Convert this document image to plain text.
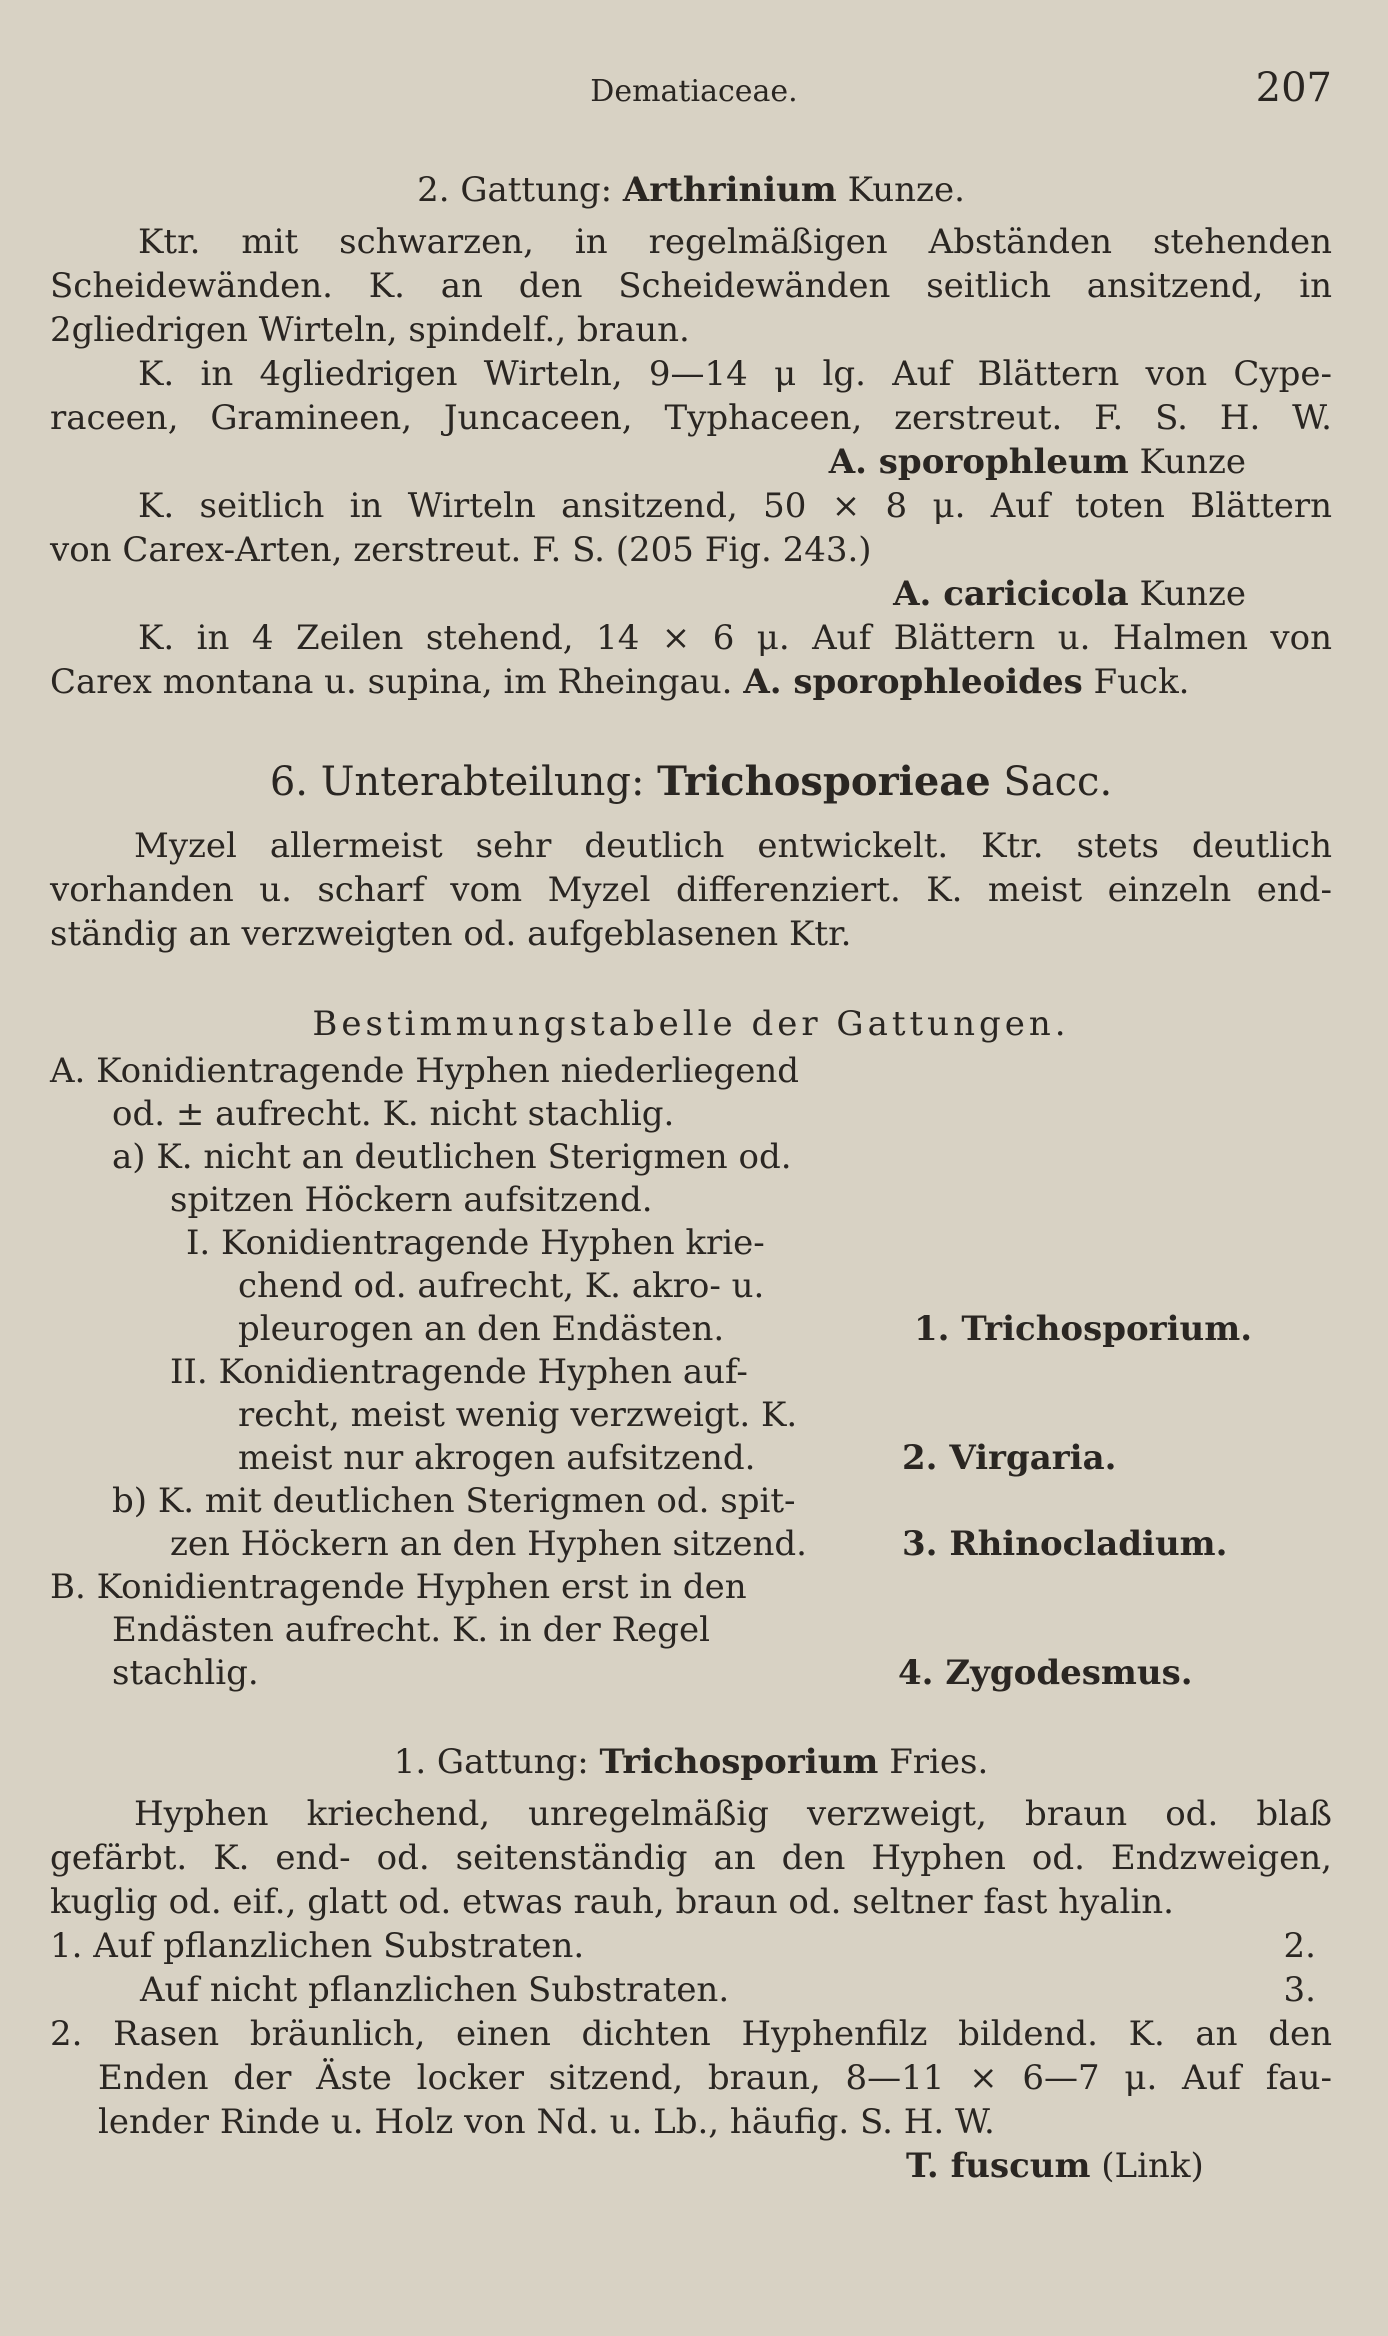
Dematiaceae.	207
2. Gattung: Arthrinium Kunze.
Ktr. mit schwarzen, in regelmäßigen Abständen stehenden
Scheidewänden. K. an den Scheidewänden seitlich ansitzend, in
2gliedrigen Wirteln, spindelf., braun.
K. in 4gliedrigen Wirteln, 9—14 μ lg. Auf Blättern von Cype-
raceen, Gramineen, Juncaceen, Typhaceen, zerstreut. F. S. H. W.
A. sporophleum Kunze
K. seitlich in Wirteln ansitzend, 50 × 8 μ. Auf toten Blättern
von Carex-Arten, zerstreut. F. S. (205 Fig. 243.)
A. caricicola Kunze
K. in 4 Zeilen stehend, 14 × 6 μ. Auf Blättern u. Halmen von
Carex montana u. supina, im Rheingau. A. sporophleoides Fuck.
6. Unterabteilung: Trichosporieae Sacc.
Myzel allermeist sehr deutlich entwickelt. Ktr. stets deutlich
vorhanden u. scharf vom Myzel differenziert. K. meist einzeln end-
ständig an verzweigten od. aufgeblasenen Ktr.
Bestimmungstabelle der Gattungen.
A. Konidientragende Hyphen niederliegend
od. ± aufrecht. K. nicht stachlig.
a) K. nicht an deutlichen Sterigmen od.
spitzen Höckern aufsitzend.
I. Konidientragende Hyphen krie-
chend od. aufrecht, K. akro- u.
pleurogen an den Endästen.	1. Trichosporium.
II. Konidientragende Hyphen auf-
recht, meist wenig verzweigt. K.
meist nur akrogen aufsitzend.	2. Virgaria.
b) K. mit deutlichen Sterigmen od. spit-
zen Höckern an den Hyphen sitzend.	3. Rhinocladium.
B. Konidientragende Hyphen erst in den
Endästen aufrecht. K. in der Regel
stachlig.	4. Zygodesmus.
1. Gattung: Trichosporium Fries.
Hyphen kriechend, unregelmäßig verzweigt, braun od. blaß
gefärbt. K. end- od. seitenständig an den Hyphen od. Endzweigen,
kuglig od. eif., glatt od. etwas rauh, braun od. seltner fast hyalin.
1. Auf pflanzlichen Substraten.	2.
Auf nicht pflanzlichen Substraten.	3.
2. Rasen bräunlich, einen dichten Hyphenfilz bildend. K. an den
Enden der Äste locker sitzend, braun, 8—11 × 6—7 μ. Auf fau-
lender Rinde u. Holz von Nd. u. Lb., häufig. S. H. W.
T. fuscum (Link)
